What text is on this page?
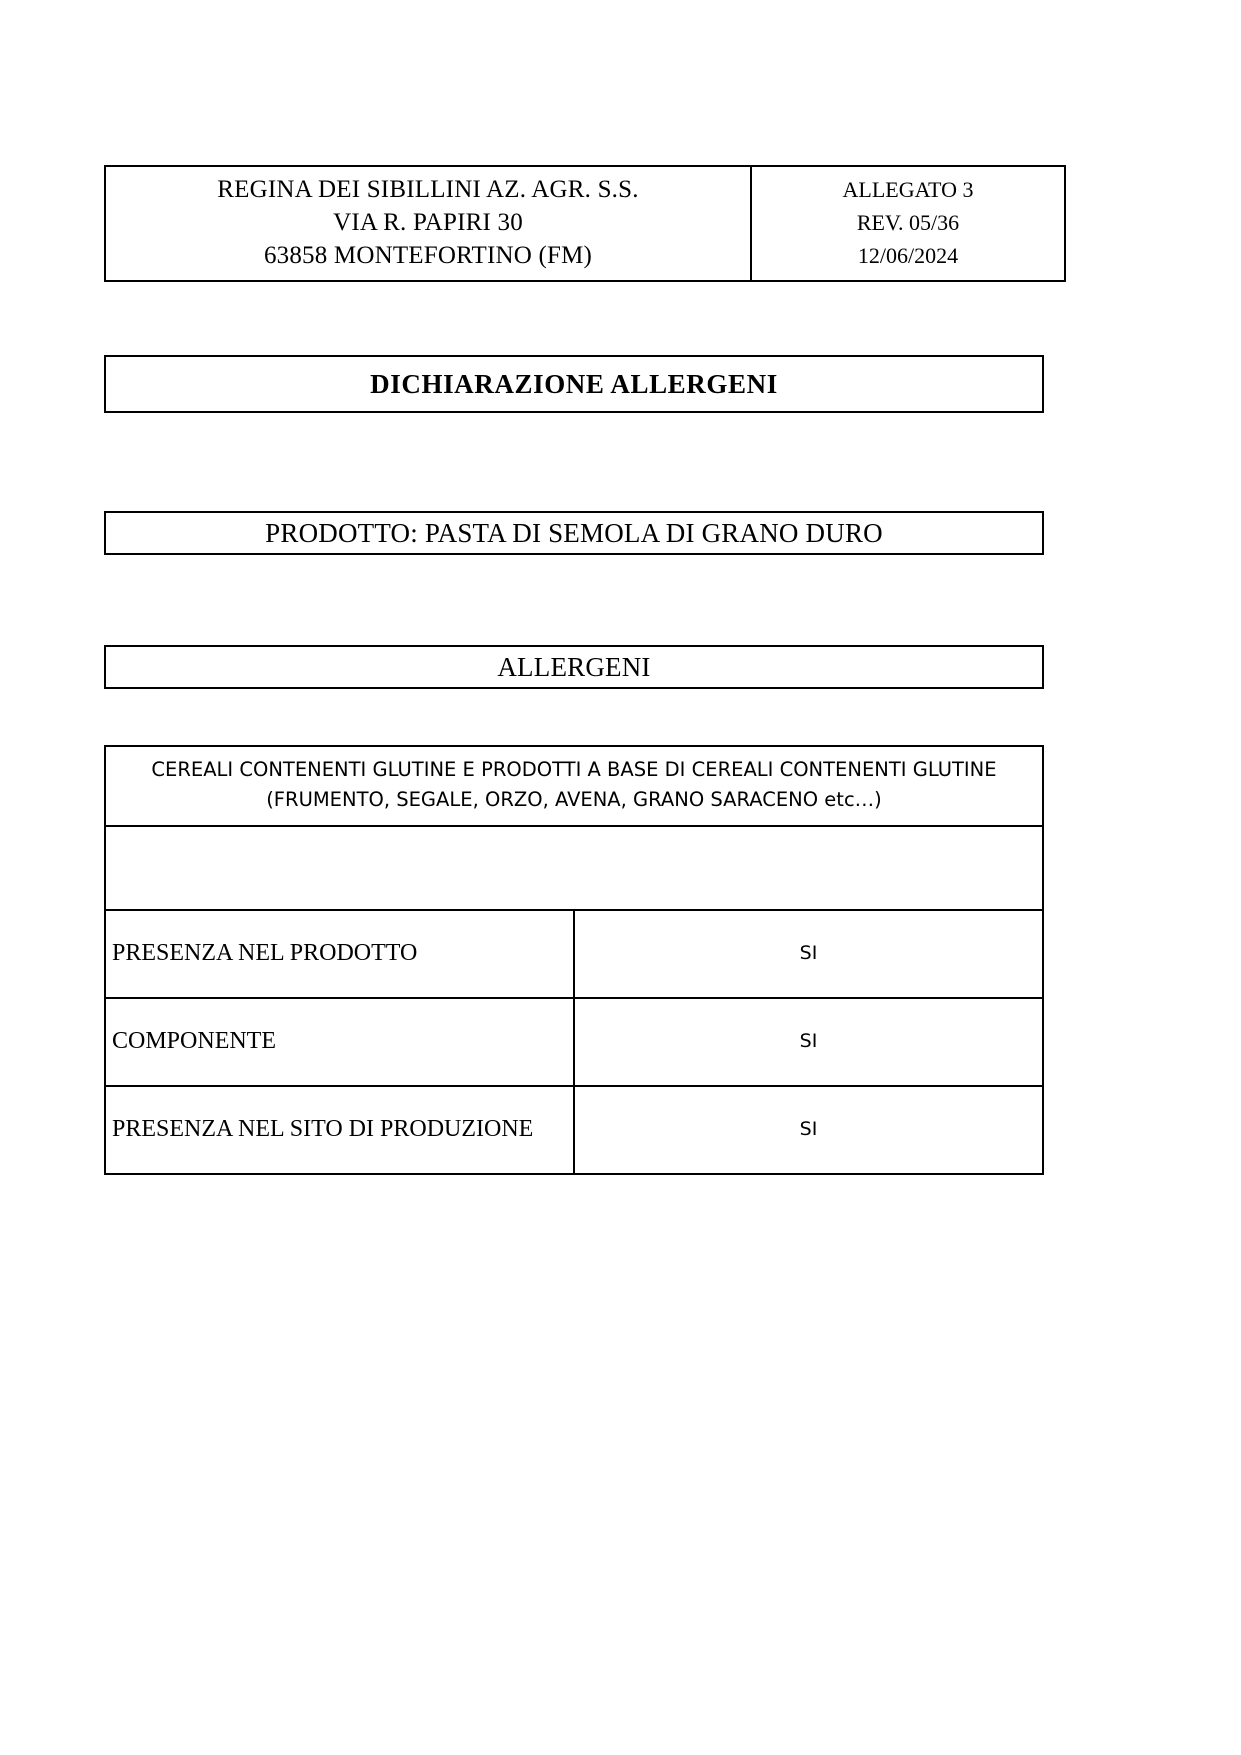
REGINA DEI SIBILLINI AZ. AGR. S.S.
VIA R. PAPIRI 30
63858 MONTEFORTINO (FM)

ALLEGATO 3
REV. 05/36
12/06/2024
DICHIARAZIONE ALLERGENI
PRODOTTO: PASTA DI SEMOLA DI GRANO DURO
ALLERGENI
CEREALI CONTENENTI GLUTINE E PRODOTTI A BASE DI CEREALI CONTENENTI GLUTINE (FRUMENTO, SEGALE, ORZO, AVENA, GRANO SARACENO etc…)	

PRESENZA NEL PRODOTTO	SI
COMPONENTE	SI
PRESENZA NEL SITO DI PRODUZIONE	SI
